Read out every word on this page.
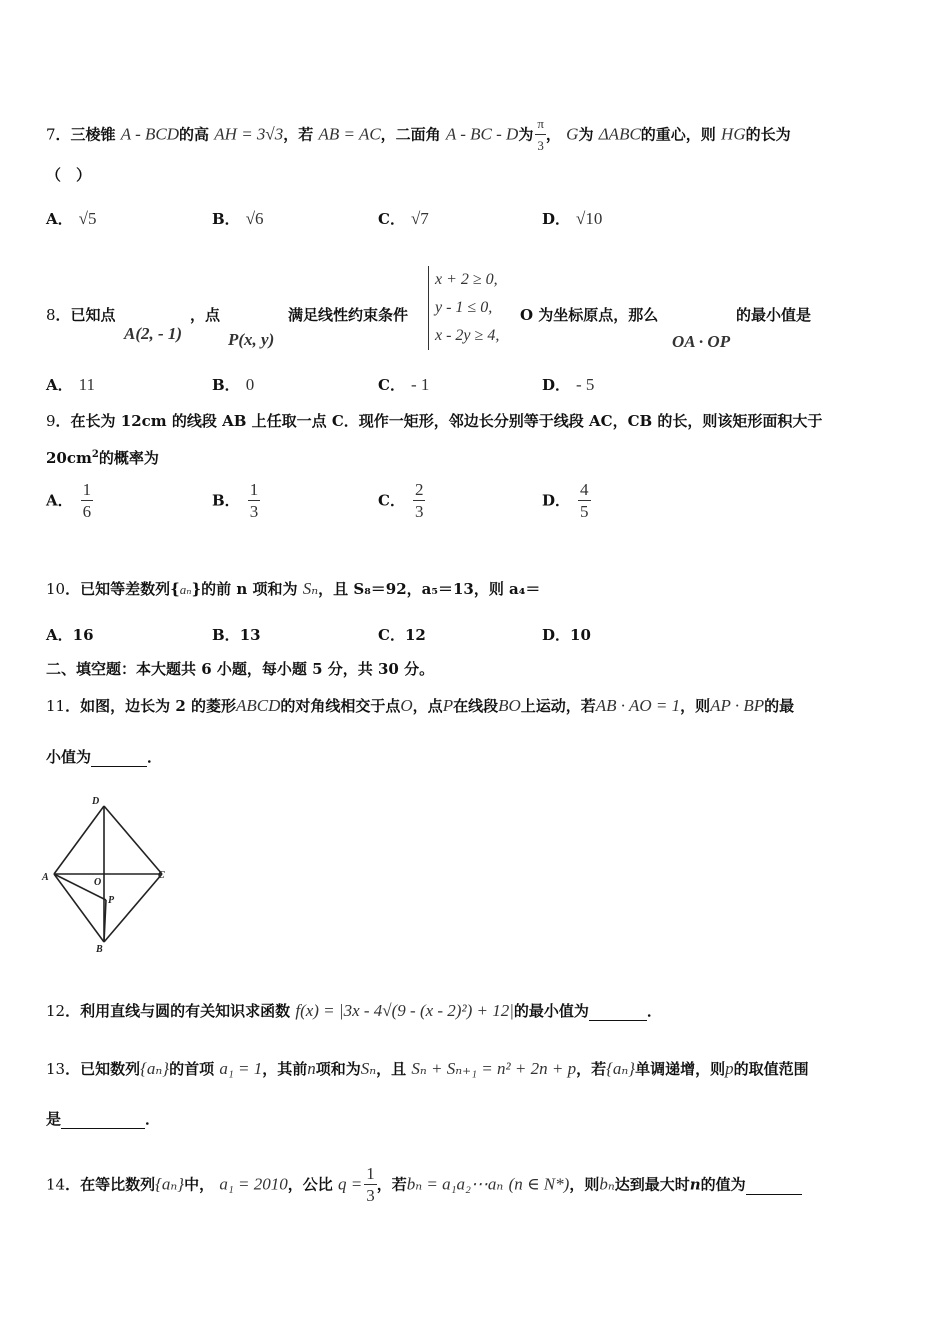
7．三棱锥 A - BCD的高 AH = 3√3，若 AB = AC，二面角 A - BC - D为 $\frac{\pi}{3}$ ， G为 ΔABC的重心，则 HG的长为
（　）
A． √5	B． √6	C． √7	D． √10
8．已知点
A(2, - 1)
，点
P(x, y)
满足线性约束条件
x + 2 ≥ 0,
y - 1 ≤ 0,
x - 2y ≥ 4,
O 为坐标原点，那么
OA · OP
的最小值是
A． 11	B． 0	C． - 1	D． - 5
9．在长为 12cm 的线段 AB 上任取一点 C．现作一矩形，邻边长分别等于线段 AC，CB 的长，则该矩形面积大于
$20cm^2$的概率为
A． $\frac{1}{6}$	B． $\frac{1}{3}$	C． $\frac{2}{3}$	D． $\frac{4}{5}$
10．已知等差数列{aₙ}的前 n 项和为 Sₙ，且 S₈＝92，a₅＝13，则 a₄＝
A．16	B．13	C．12	D．10
二、填空题：本大题共 6 小题，每小题 5 分，共 30 分。
11．如图，边长为 2 的菱形ABCD的对角线相交于点O，点P在线段BO上运动，若AB · AO = 1，则AP · BP的最
小值为	．
D
A	O
C
P
B
12．利用直线与圆的有关知识求函数 f(x) = |3x - 4√(9 - (x - 2)²) + 12|的最小值为	．
13．已知数列{aₙ}的首项 a₁ = 1，其前n项和为Sₙ，且 Sₙ + Sₙ₊₁ = n² + 2n + p，若{aₙ}单调递增，则p的取值范围
是	．
14．在等比数列{aₙ}中， a₁ = 2010，公比 $q = \frac{1}{3}$ ，若bₙ = a₁a₂⋯aₙ (n ∈ N*)，则bₙ达到最大时n的值为
